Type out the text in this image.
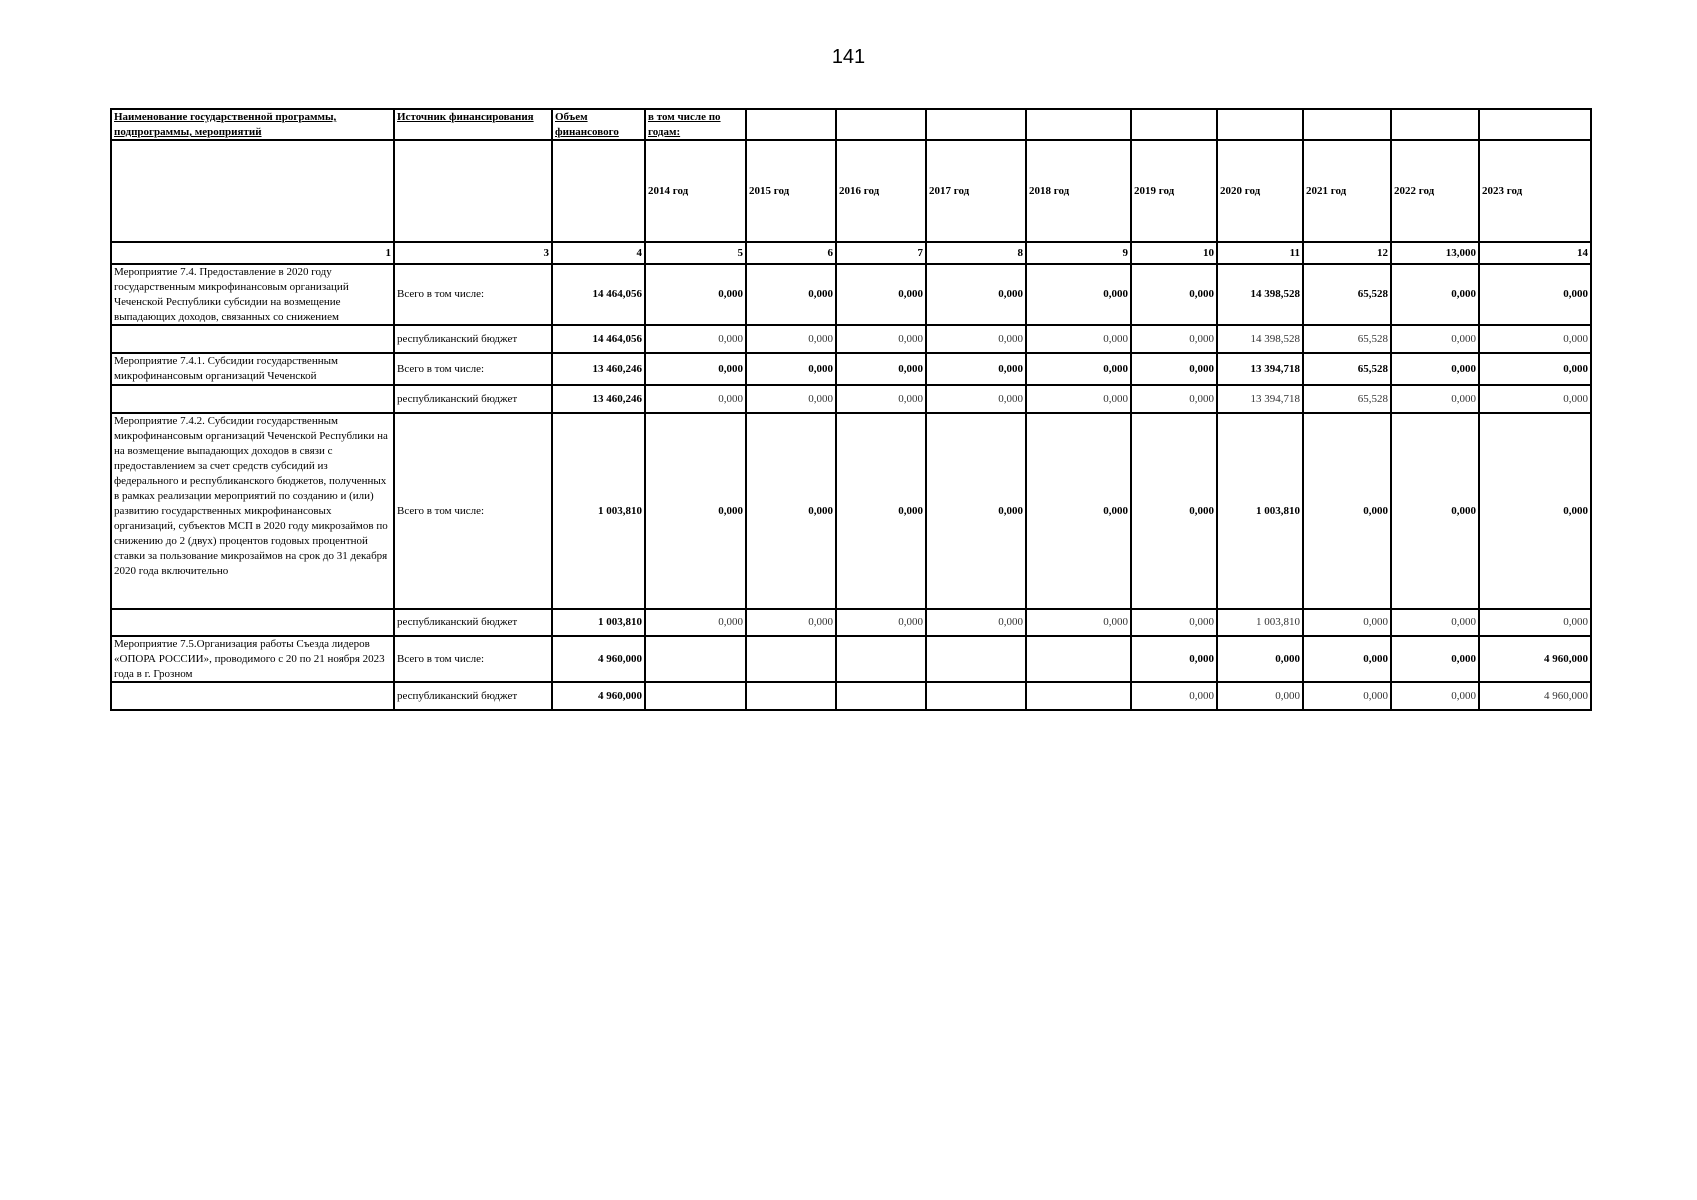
141
Наименование государственной программы, подпрограммы, мероприятий	Источник финансирования	Объем финансового	в том числе по годам:									

			2014 год	2015 год	2016 год	2017 год	2018 год	2019 год	2020 год	2021 год	2022 год	2023 год
1	3	4	5	6	7	8	9	10	11	12	13,000	14

Мероприятие 7.4. Предоставление в 2020 году государственным микрофинансовым организаций Чеченской Республики субсидии на возмещение выпадающих доходов, связанных со снижением	Всего в том числе:	14 464,056	0,000	0,000	0,000	0,000	0,000	0,000	14 398,528	65,528	0,000	0,000
	республиканский бюджет	14 464,056	0,000	0,000	0,000	0,000	0,000	0,000	14 398,528	65,528	0,000	0,000

Мероприятие 7.4.1. Субсидии государственным микрофинансовым организаций Чеченской	Всего в том числе:	13 460,246	0,000	0,000	0,000	0,000	0,000	0,000	13 394,718	65,528	0,000	0,000
	республиканский бюджет	13 460,246	0,000	0,000	0,000	0,000	0,000	0,000	13 394,718	65,528	0,000	0,000

Мероприятие 7.4.2. Субсидии государственным микрофинансовым организаций Чеченской Республики на на возмещение выпадающих доходов в связи с предоставлением за счет средств субсидий из федерального и республиканского бюджетов, полученных в рамках реализации мероприятий по созданию и (или) развитию государственных микрофинансовых организаций, субъектов МСП в 2020 году микрозаймов по снижению до 2 (двух) процентов годовых процентной ставки за пользование микрозаймов на срок до 31 декабря 2020 года включительно	Всего в том числе:	1 003,810	0,000	0,000	0,000	0,000	0,000	0,000	1 003,810	0,000	0,000	0,000
	республиканский бюджет	1 003,810	0,000	0,000	0,000	0,000	0,000	0,000	1 003,810	0,000	0,000	0,000

Мероприятие 7.5.Организация работы Съезда лидеров «ОПОРА РОССИИ», проводимого с 20 по 21 ноября 2023 года в г. Грозном	Всего в том числе:	4 960,000						0,000	0,000	0,000	0,000	4 960,000
	республиканский бюджет	4 960,000						0,000	0,000	0,000	0,000	4 960,000
